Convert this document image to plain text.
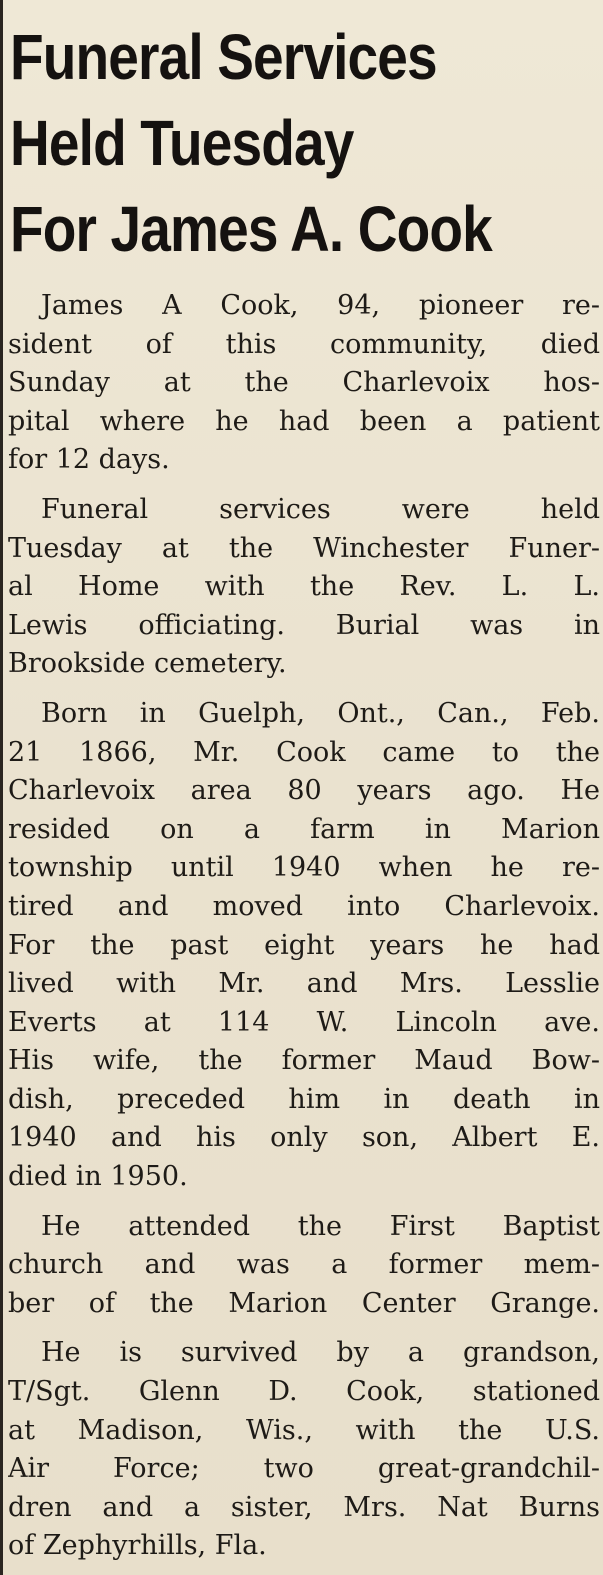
Funeral Services
Held Tuesday
For James A. Cook

James A Cook, 94, pioneer re-
sident of this community, died
Sunday at the Charlevoix hos-
pital where he had been a patient
for 12 days.

Funeral services were held
Tuesday at the Winchester Funer-
al Home with the Rev. L. L.
Lewis officiating. Burial was in
Brookside cemetery.

Born in Guelph, Ont., Can., Feb.
21 1866, Mr. Cook came to the
Charlevoix area 80 years ago. He
resided on a farm in Marion
township until 1940 when he re-
tired and moved into Charlevoix.
For the past eight years he had
lived with Mr. and Mrs. Lesslie
Everts at 114 W. Lincoln ave.
His wife, the former Maud Bow-
dish, preceded him in death in
1940 and his only son, Albert E.
died in 1950.

He attended the First Baptist
church and was a former mem-
ber of the Marion Center Grange.

He is survived by a grandson,
T/Sgt. Glenn D. Cook, stationed
at Madison, Wis., with the U.S.
Air Force; two great-grandchil-
dren and a sister, Mrs. Nat Burns
of Zephyrhills, Fla.
